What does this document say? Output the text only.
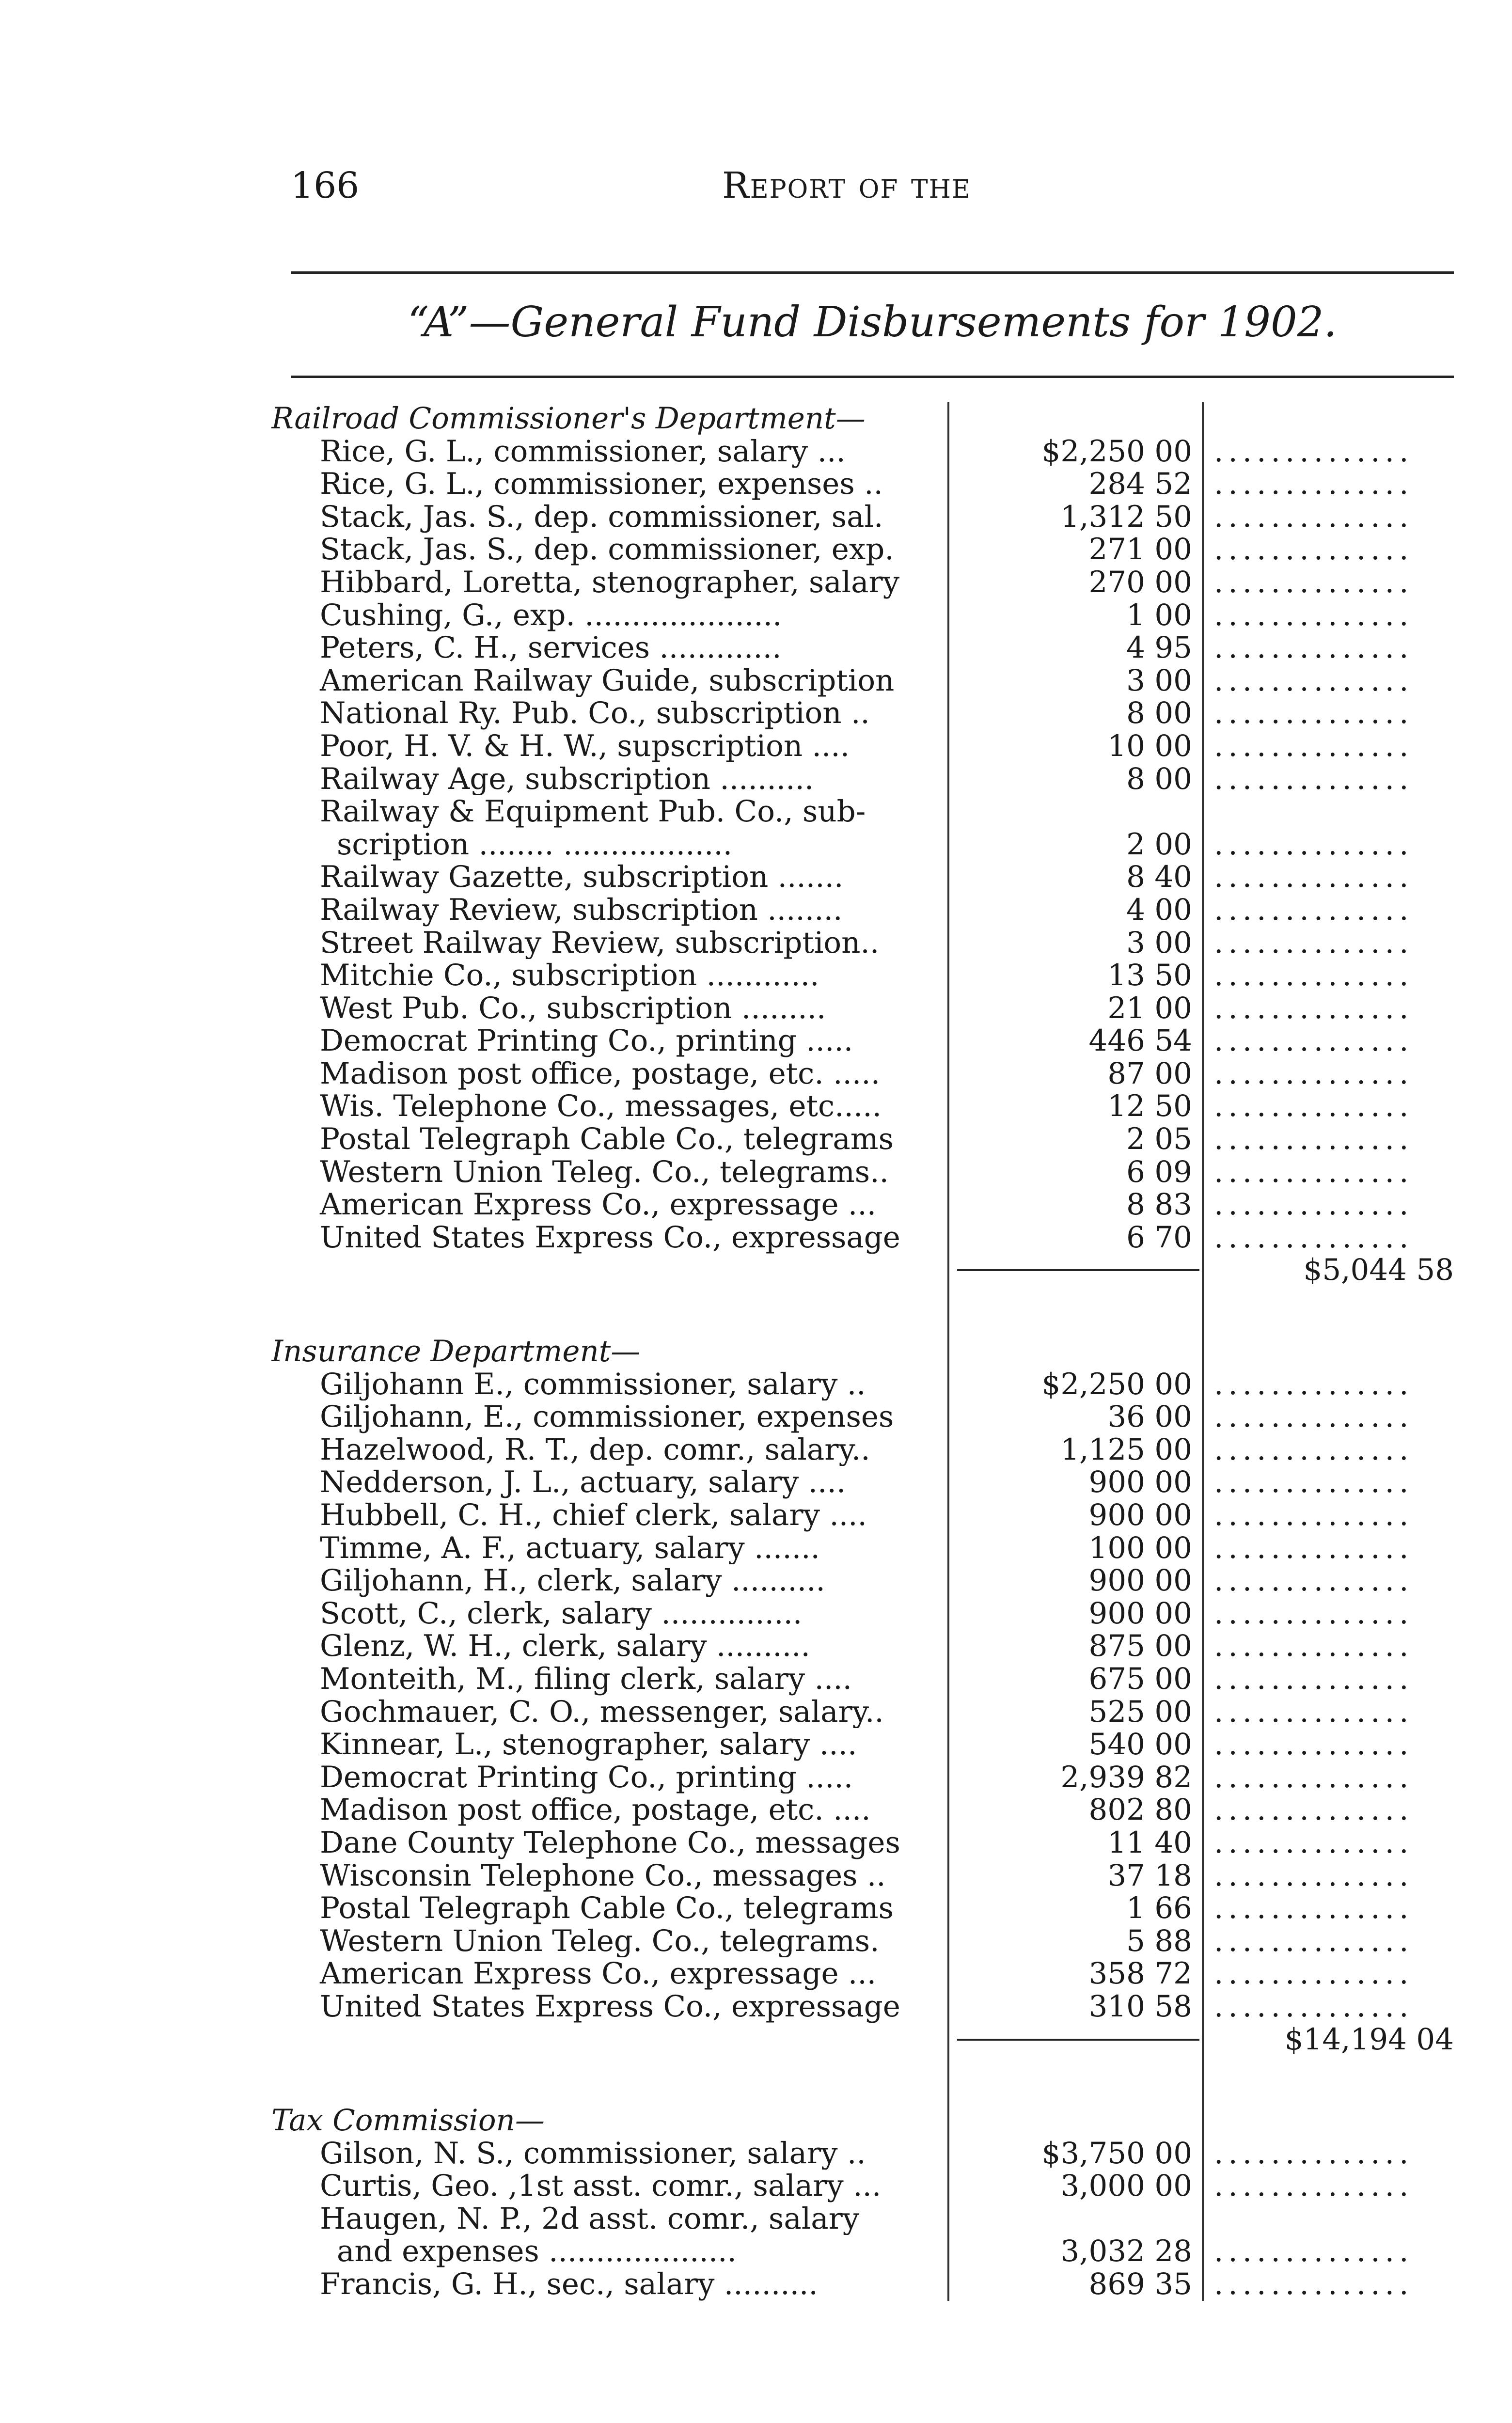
166	Report of the
“A”—General Fund Disbursements for 1902.
Railroad Commissioner's Department—
Rice, G. L., commissioner, salary ...	$2,250 00 ..............
Rice, G. L., commissioner, expenses ..	284 52 ..............
Stack, Jas. S., dep. commissioner, sal.	1,312 50 ..............
Stack, Jas. S., dep. commissioner, exp.	271 00 ..............
Hibbard, Loretta, stenographer, salary	270 00 ..............
Cushing, G., exp. .....................	1 00 ..............
Peters, C. H., services .............	4 95 ..............
American Railway Guide, subscription	3 00 ..............
National Ry. Pub. Co., subscription ..	8 00 ..............
Poor, H. V. & H. W., supscription ....	10 00 ..............
Railway Age, subscription ..........	8 00 ..............
Railway & Equipment Pub. Co., sub-
scription ........ ..................	2 00 ..............
Railway Gazette, subscription .......	8 40 ..............
Railway Review, subscription ........	4 00 ..............
Street Railway Review, subscription..	3 00 ..............
Mitchie Co., subscription ............	13 50 ..............
West Pub. Co., subscription .........	21 00 ..............
Democrat Printing Co., printing .....	446 54 ..............
Madison post office, postage, etc. .....	87 00 ..............
Wis. Telephone Co., messages, etc.....	12 50 ..............
Postal Telegraph Cable Co., telegrams	2 05 ..............
Western Union Teleg. Co., telegrams..	6 09 ..............
American Express Co., expressage ...	8 83 ..............
United States Express Co., expressage	6 70 ..............
$5,044 58
Insurance Department—
Giljohann E., commissioner, salary ..	$2,250 00 ..............
Giljohann, E., commissioner, expenses	36 00 ..............
Hazelwood, R. T., dep. comr., salary..	1,125 00 ..............
Nedderson, J. L., actuary, salary ....	900 00 ..............
Hubbell, C. H., chief clerk, salary ....	900 00 ..............
Timme, A. F., actuary, salary .......	100 00 ..............
Giljohann, H., clerk, salary ..........	900 00 ..............
Scott, C., clerk, salary ...............	900 00 ..............
Glenz, W. H., clerk, salary ..........	875 00 ..............
Monteith, M., filing clerk, salary ....	675 00 ..............
Gochmauer, C. O., messenger, salary..	525 00 ..............
Kinnear, L., stenographer, salary ....	540 00 ..............
Democrat Printing Co., printing .....	2,939 82 ..............
Madison post office, postage, etc. ....	802 80 ..............
Dane County Telephone Co., messages	11 40 ..............
Wisconsin Telephone Co., messages ..	37 18 ..............
Postal Telegraph Cable Co., telegrams	1 66 ..............
Western Union Teleg. Co., telegrams.	5 88 ..............
American Express Co., expressage ...	358 72 ..............
United States Express Co., expressage	310 58 ..............
$14,194 04
Tax Commission—
Gilson, N. S., commissioner, salary ..	$3,750 00 ..............
Curtis, Geo. ,1st asst. comr., salary ...	3,000 00 ..............
Haugen, N. P., 2d asst. comr., salary
and expenses ....................	3,032 28 ..............
Francis, G. H., sec., salary ..........	869 35 ..............
